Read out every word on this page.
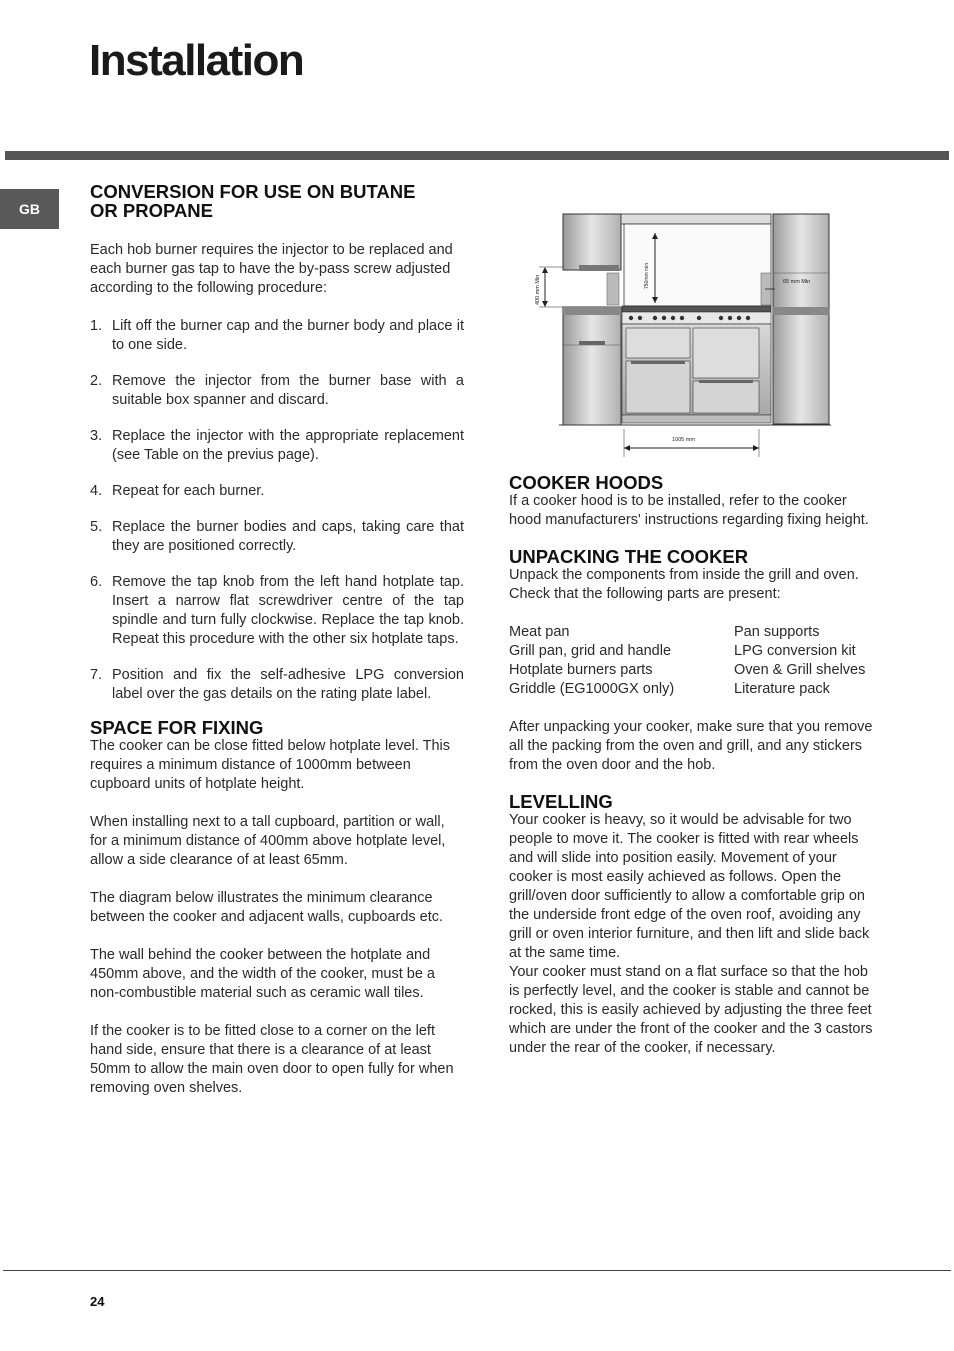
Installation
GB
CONVERSION FOR USE ON BUTANE
OR PROPANE

Each hob burner requires the injector to be replaced and each burner gas tap to have the by-pass screw adjusted according to the following procedure:

1. Lift off the burner cap and the burner body and place it to one side.
2. Remove the injector from the burner base with a suitable box spanner and discard.
3. Replace the injector with the appropriate replacement (see Table on the previus page).
4. Repeat for each burner.
5. Replace the burner bodies and caps, taking care that they are positioned correctly.
6. Remove the tap knob from the left hand hotplate tap. Insert a narrow flat screwdriver centre of the tap spindle and turn fully clockwise. Replace the tap knob. Repeat this procedure with the other six hotplate taps.
7. Position and fix the self-adhesive LPG conversion label over the gas details on the rating plate label.
SPACE FOR FIXING

The cooker can be close fitted below hotplate level. This requires a minimum distance of 1000mm between cupboard units of hotplate height.

When installing next to a tall cupboard, partition or wall, for a minimum distance of 400mm above hotplate level, allow a side clearance of at least 65mm.

The diagram below illustrates the minimum clearance between the cooker and adjacent walls, cupboards etc.

The wall behind the cooker between the hotplate and 450mm above, and the width of the cooker, must be a non-combustible material such as ceramic wall tiles.

If the cooker is to be fitted close to a corner on the left hand side, ensure that there is a clearance of at least 50mm to allow the main oven door to open fully for when removing oven shelves.

400 mm Min	750mm min	65 mm Min
1005 mm
COOKER HOODS

If a cooker hood is to be installed, refer to the cooker hood manufacturers' instructions regarding fixing height.

UNPACKING THE COOKER

Unpack the components from inside the grill and oven. Check that the following parts are present:

Meat pan	Pan supports
Grill pan, grid and handle	LPG conversion kit
Hotplate burners parts	Oven & Grill shelves
Griddle (EG1000GX only)	Literature pack

After unpacking your cooker, make sure that you remove all the packing from the oven and grill, and any stickers from the oven door and the hob.

LEVELLING

Your cooker is heavy, so it would be advisable for two people to move it. The cooker is fitted with rear wheels and will slide into position easily. Movement of your cooker is most easily achieved as follows. Open the grill/oven door sufficiently to allow a comfortable grip on the underside front edge of the oven roof, avoiding any grill or oven interior furniture, and then lift and slide back at the same time.

Your cooker must stand on a flat surface so that the hob is perfectly level, and the cooker is stable and cannot be rocked, this is easily achieved by adjusting the three feet which are under the front of the cooker and the 3 castors under the rear of the cooker, if necessary.

24
